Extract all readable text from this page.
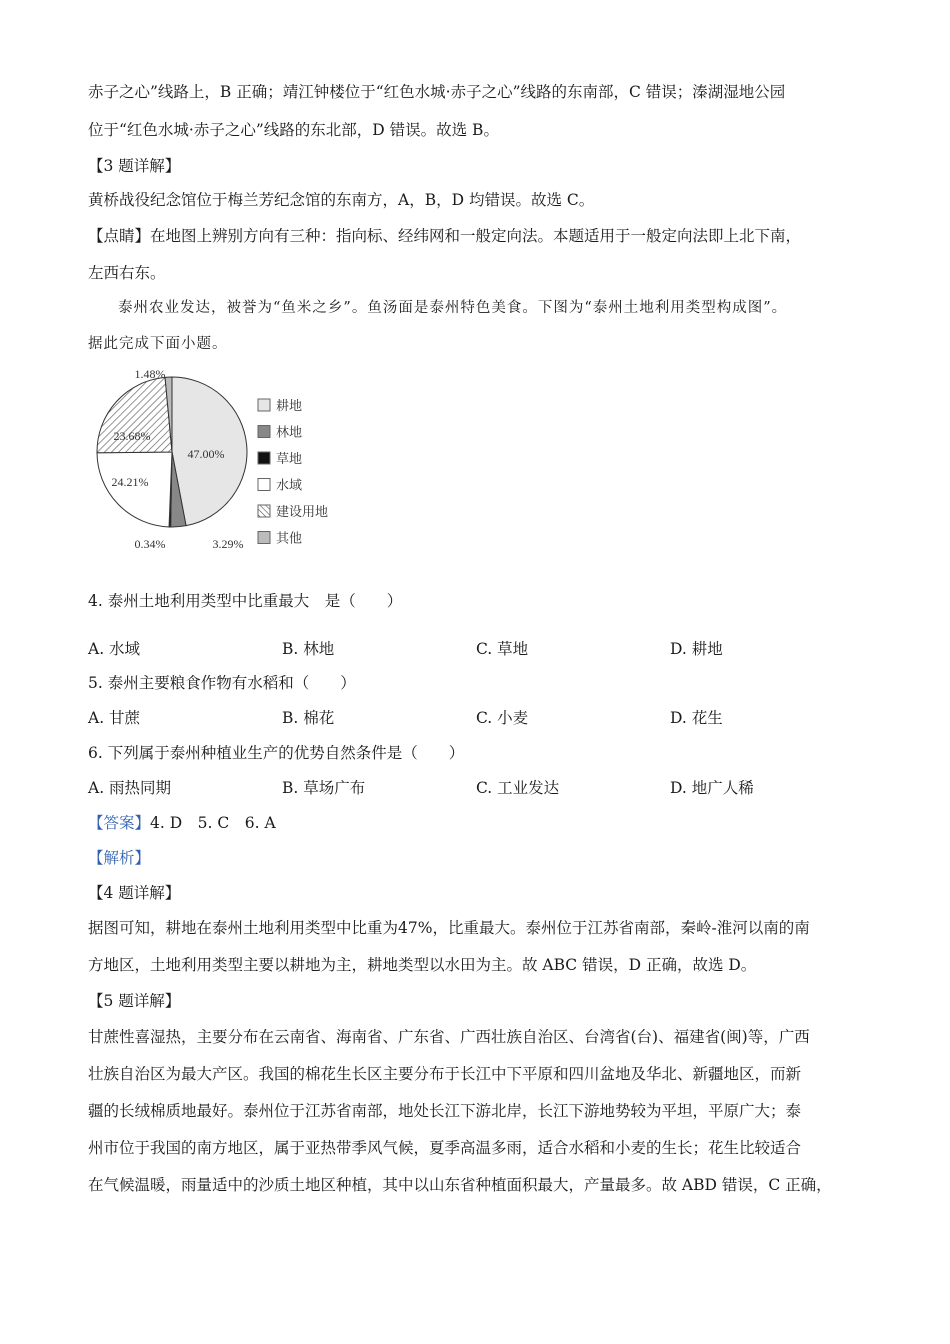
赤子之心”线路上，B 正确；靖江钟楼位于“红色水城·赤子之心”线路的东南部，C 错误；溱湖湿地公园
位于“红色水城·赤子之心”线路的东北部，D 错误。故选 B。
【3 题详解】
黄桥战役纪念馆位于梅兰芳纪念馆的东南方，A，B，D 均错误。故选 C。
【点睛】在地图上辨别方向有三种：指向标、经纬网和一般定向法。本题适用于一般定向法即上北下南，
左西右东。
泰州农业发达，被誉为“鱼米之乡”。鱼汤面是泰州特色美食。下图为“泰州土地利用类型构成图”。
据此完成下面小题。
47.00%
3.29%
0.34%
24.21%
23.68%
1.48%
耕地
林地
草地
水域
建设用地
其他
4. 泰州土地利用类型中比重最大　是（　　）
A. 水域	B. 林地	C. 草地	D. 耕地
5. 泰州主要粮食作物有水稻和（　　）
A. 甘蔗	B. 棉花	C. 小麦	D. 花生
6. 下列属于泰州种植业生产的优势自然条件是（　　）
A. 雨热同期	B. 草场广布	C. 工业发达	D. 地广人稀
【答案】4. D　5. C　6. A
【解析】
【4 题详解】
据图可知，耕地在泰州土地利用类型中比重为47%，比重最大。泰州位于江苏省南部，秦岭-淮河以南的南
方地区，土地利用类型主要以耕地为主，耕地类型以水田为主。故 ABC 错误，D 正确，故选 D。
【5 题详解】
甘蔗性喜湿热，主要分布在云南省、海南省、广东省、广西壮族自治区、台湾省(台)、福建省(闽)等，广西
壮族自治区为最大产区。我国的棉花生长区主要分布于长江中下平原和四川盆地及华北、新疆地区，而新
疆的长绒棉质地最好。泰州位于江苏省南部，地处长江下游北岸，长江下游地势较为平坦，平原广大；泰
州市位于我国的南方地区，属于亚热带季风气候，夏季高温多雨，适合水稻和小麦的生长；花生比较适合
在气候温暖，雨量适中的沙质土地区种植，其中以山东省种植面积最大，产量最多。故 ABD 错误，C 正确，
